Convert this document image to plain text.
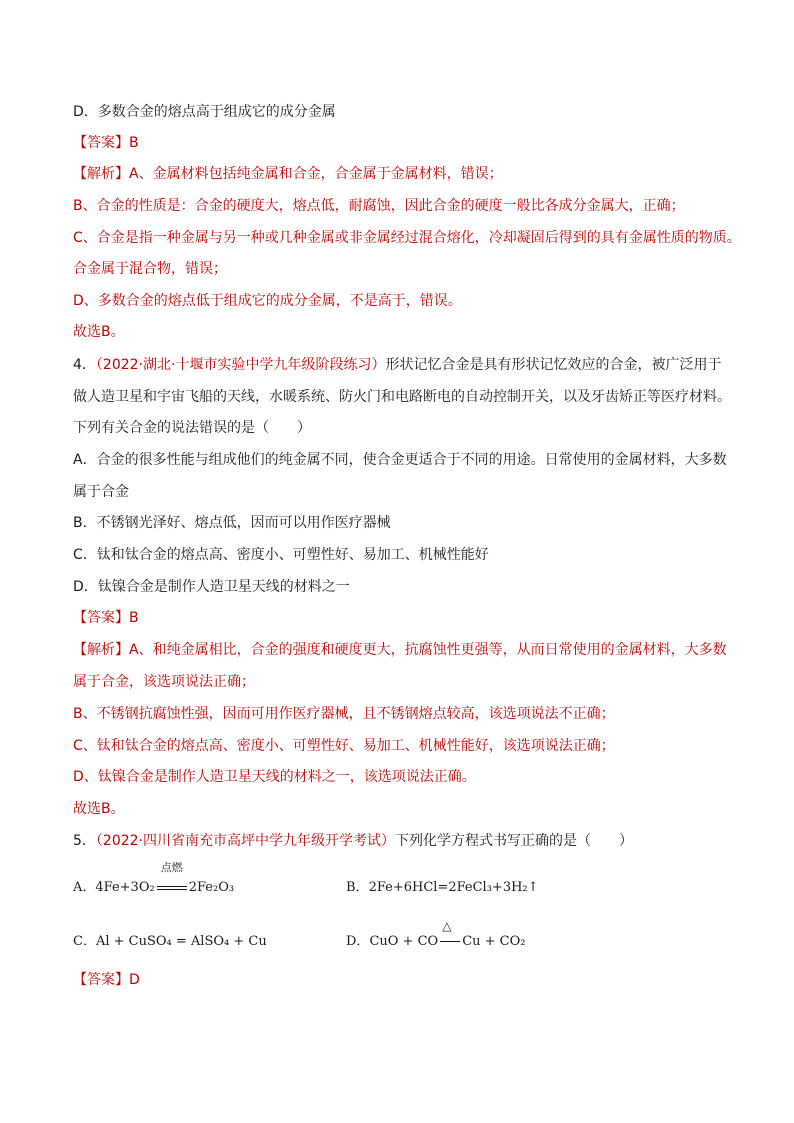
D．多数合金的熔点高于组成它的成分金属
【答案】B
【解析】A、金属材料包括纯金属和合金，合金属于金属材料，错误；
B、合金的性质是：合金的硬度大，熔点低，耐腐蚀，因此合金的硬度一般比各成分金属大，正确；
C、合金是指一种金属与另一种或几种金属或非金属经过混合熔化，冷却凝固后得到的具有金属性质的物质。
合金属于混合物，错误；
D、多数合金的熔点低于组成它的成分金属，不是高于，错误。
故选B。
4．（2022·湖北·十堰市实验中学九年级阶段练习）形状记忆合金是具有形状记忆效应的合金，被广泛用于
做人造卫星和宇宙飞船的天线，水暖系统、防火门和电路断电的自动控制开关，以及牙齿矫正等医疗材料。
下列有关合金的说法错误的是（　　）
A．合金的很多性能与组成他们的纯金属不同，使合金更适合于不同的用途。日常使用的金属材料，大多数
属于合金
B．不锈钢光泽好、熔点低，因而可以用作医疗器械
C．钛和钛合金的熔点高、密度小、可塑性好、易加工、机械性能好
D．钛镍合金是制作人造卫星天线的材料之一
【答案】B
【解析】A、和纯金属相比，合金的强度和硬度更大，抗腐蚀性更强等，从而日常使用的金属材料，大多数
属于合金，该选项说法正确；
B、不锈钢抗腐蚀性强，因而可用作医疗器械，且不锈钢熔点较高，该选项说法不正确；
C、钛和钛合金的熔点高、密度小、可塑性好、易加工、机械性能好，该选项说法正确；
D、钛镍合金是制作人造卫星天线的材料之一，该选项说法正确。
故选B。
5．（2022·四川省南充市高坪中学九年级开学考试）下列化学方程式书写正确的是（　　）
A．4Fe+3O₂
点燃
2Fe₂O₃	B．2Fe+6HCl=2FeCl₃+3H₂↑
C．Al + CuSO₄ = AlSO₄ + Cu	D．CuO + CO
△
Cu + CO₂
【答案】D
